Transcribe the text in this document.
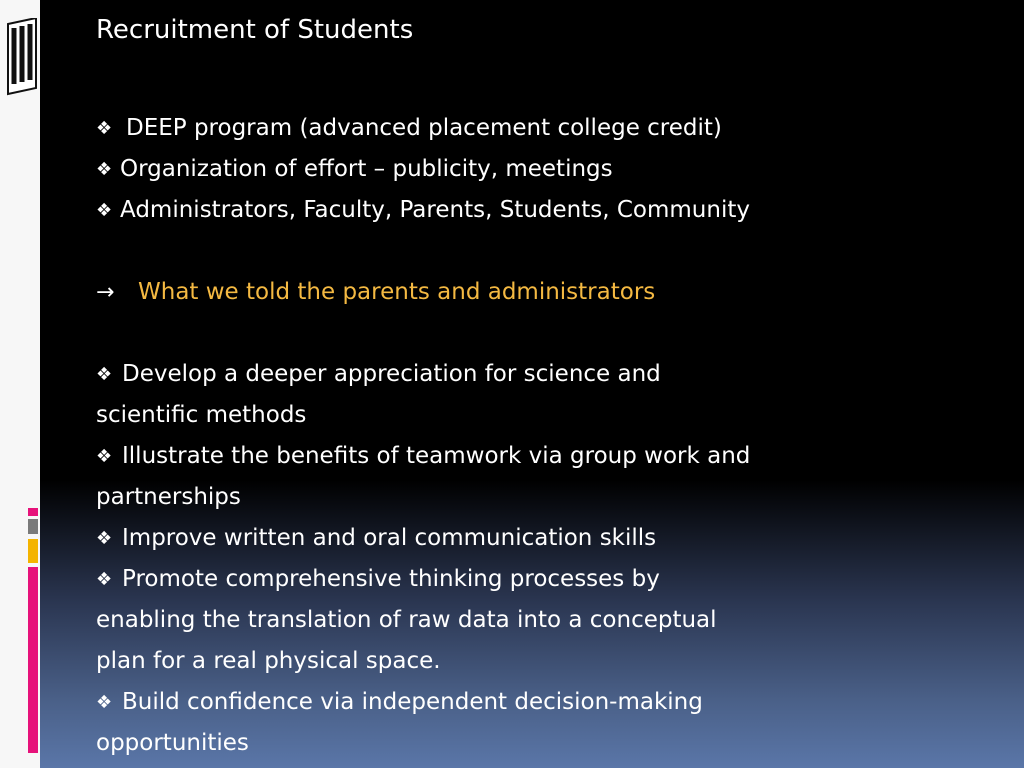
Recruitment of Students
❖ DEEP program (advanced placement college credit)
❖ Organization of effort – publicity, meetings
❖ Administrators, Faculty, Parents, Students, Community
→ What we told the parents and administrators
❖ Develop a deeper appreciation for science and
scientific methods
❖ Illustrate the benefits of teamwork via group work and
partnerships
❖ Improve written and oral communication skills
❖ Promote comprehensive thinking processes by
enabling the translation of raw data into a conceptual
plan for a real physical space.
❖ Build confidence via independent decision-making
opportunities
